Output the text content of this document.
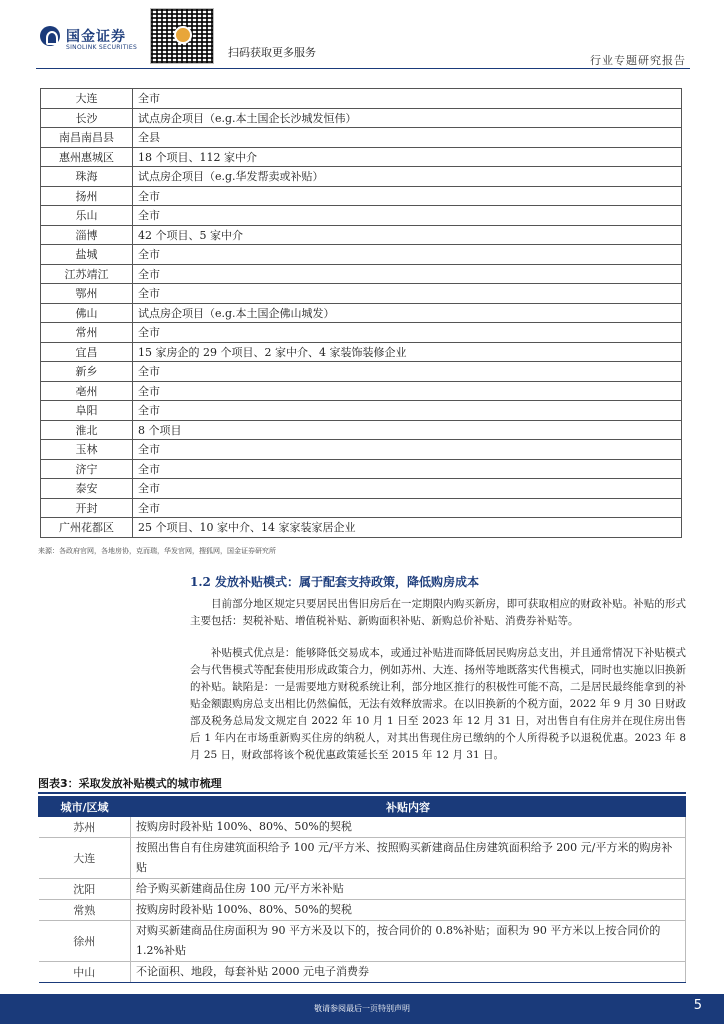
国金证券
SINOLINK SECURITIES	扫码获取更多服务
行业专题研究报告
大连	全市
长沙	试点房企项目（e.g.本土国企长沙城发恒伟）
南昌南昌县	全县
惠州惠城区	18 个项目、112 家中介
珠海	试点房企项目（e.g.华发帮卖或补贴）
扬州	全市
乐山	全市
淄博	42 个项目、5 家中介
盐城	全市
江苏靖江	全市
鄂州	全市
佛山	试点房企项目（e.g.本土国企佛山城发）
常州	全市
宜昌	15 家房企的 29 个项目、2 家中介、4 家装饰装修企业
新乡	全市
亳州	全市
阜阳	全市
淮北	8 个项目
玉林	全市
济宁	全市
泰安	全市
开封	全市
广州花都区	25 个项目、10 家中介、14 家家装家居企业
来源：各政府官网，各地房协，克而瑞，华发官网，搜狐网，国金证券研究所
1.2 发放补贴模式：属于配套支持政策，降低购房成本
目前部分地区规定只要居民出售旧房后在一定期限内购买新房，即可获取相应的财政补贴。补贴的形式主要包括：契税补贴、增值税补贴、新购面积补贴、新购总价补贴、消费券补贴等。
补贴模式优点是：能够降低交易成本，或通过补贴进而降低居民购房总支出，并且通常情况下补贴模式会与代售模式等配套使用形成政策合力，例如苏州、大连、扬州等地既落实代售模式，同时也实施以旧换新的补贴。缺陷是：一是需要地方财税系统让利，部分地区推行的积极性可能不高，二是居民最终能拿到的补贴金额跟购房总支出相比仍然偏低，无法有效释放需求。在以旧换新的个税方面，2022 年 9 月 30 日财政部及税务总局发文规定自 2022 年 10 月 1 日至 2023 年 12 月 31 日，对出售自有住房并在现住房出售后 1 年内在市场重新购买住房的纳税人，对其出售现住房已缴纳的个人所得税予以退税优惠。2023 年 8 月 25 日，财政部将该个税优惠政策延长至 2015 年 12 月 31 日。
图表3：采取发放补贴模式的城市梳理
城市/区域	补贴内容
苏州	按购房时段补贴 100%、80%、50%的契税
大连	按照出售自有住房建筑面积给予 100 元/平方米、按照购买新建商品住房建筑面积给予 200 元/平方米的购房补贴
沈阳	给予购买新建商品住房 100 元/平方米补贴
常熟	按购房时段补贴 100%、80%、50%的契税
徐州	对购买新建商品住房面积为 90 平方米及以下的，按合同价的 0.8%补贴；面积为 90 平方米以上按合同价的 1.2%补贴
中山	不论面积、地段，每套补贴 2000 元电子消费券
敬请参阅最后一页特别声明	5
